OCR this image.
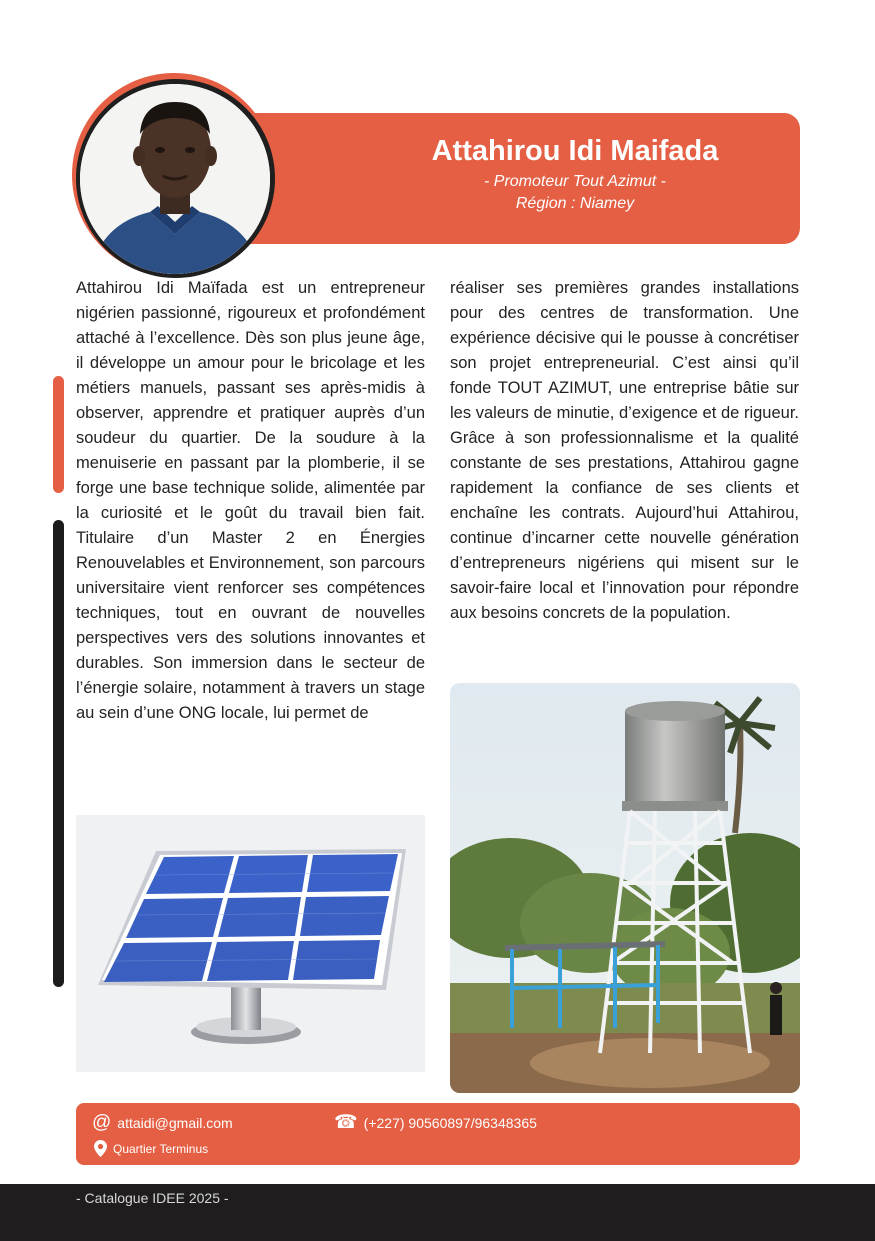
Attahirou Idi Maifada

- Promoteur Tout Azimut -

Région : Niamey

Attahirou Idi Maïfada est un entrepreneur nigérien passionné, rigoureux et profondément attaché à l’excellence. Dès son plus jeune âge, il développe un amour pour le bricolage et les métiers manuels, passant ses après-midis à observer, apprendre et pratiquer auprès d’un soudeur du quartier. De la soudure à la menuiserie en passant par la plomberie, il se forge une base technique solide, alimentée par la curiosité et le goût du travail bien fait. Titulaire d’un Master 2 en Énergies Renouvelables et Environnement, son parcours universitaire vient renforcer ses compétences techniques, tout en ouvrant de nouvelles perspectives vers des solutions innovantes et durables. Son immersion dans le secteur de l’énergie solaire, notamment à travers un stage au sein d’une ONG locale, lui permet de

réaliser ses premières grandes installations pour des centres de transformation. Une expérience décisive qui le pousse à concrétiser son projet entrepreneurial. C’est ainsi qu’il fonde TOUT AZIMUT, une entreprise bâtie sur les valeurs de minutie, d’exigence et de rigueur. Grâce à son professionnalisme et la qualité constante de ses prestations, Attahirou gagne rapidement la confiance de ses clients et enchaîne les contrats. Aujourd’hui Attahirou, continue d’incarner cette nouvelle génération d’entrepreneurs nigériens qui misent sur le savoir-faire local et l’innovation pour répondre aux besoins concrets de la population.

@ attaidi@gmail.com	☎ (+227) 90560897/96348365
Quartier Terminus
- Catalogue IDEE 2025 -
